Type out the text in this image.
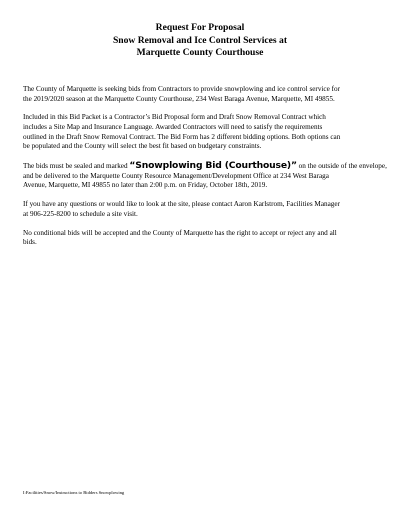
Request For Proposal
Snow Removal and Ice Control Services at
Marquette County Courthouse
The County of Marquette is seeking bids from Contractors to provide snowplowing and ice control service for
the 2019/2020 season at the Marquette County Courthouse, 234 West Baraga Avenue, Marquette, MI 49855.
Included in this Bid Packet is a Contractor’s Bid Proposal form and Draft Snow Removal Contract which
includes a Site Map and Insurance Language. Awarded Contractors will need to satisfy the requirements
outlined in the Draft Snow Removal Contract. The Bid Form has 2 different bidding options. Both options can
be populated and the County will select the best fit based on budgetary constraints.
The bids must be sealed and marked “Snowplowing Bid (Courthouse)” on the outside of the envelope,
and be delivered to the Marquette County Resource Management/Development Office at 234 West Baraga
Avenue, Marquette, MI 49855 no later than 2:00 p.m. on Friday, October 18th, 2019.
If you have any questions or would like to look at the site, please contact Aaron Karlstrom, Facilities Manager
at 906-225-8200 to schedule a site visit.
No conditional bids will be accepted and the County of Marquette has the right to accept or reject any and all
bids.
I:Facilities/Snow/Instructions to Bidders Snowplowing
